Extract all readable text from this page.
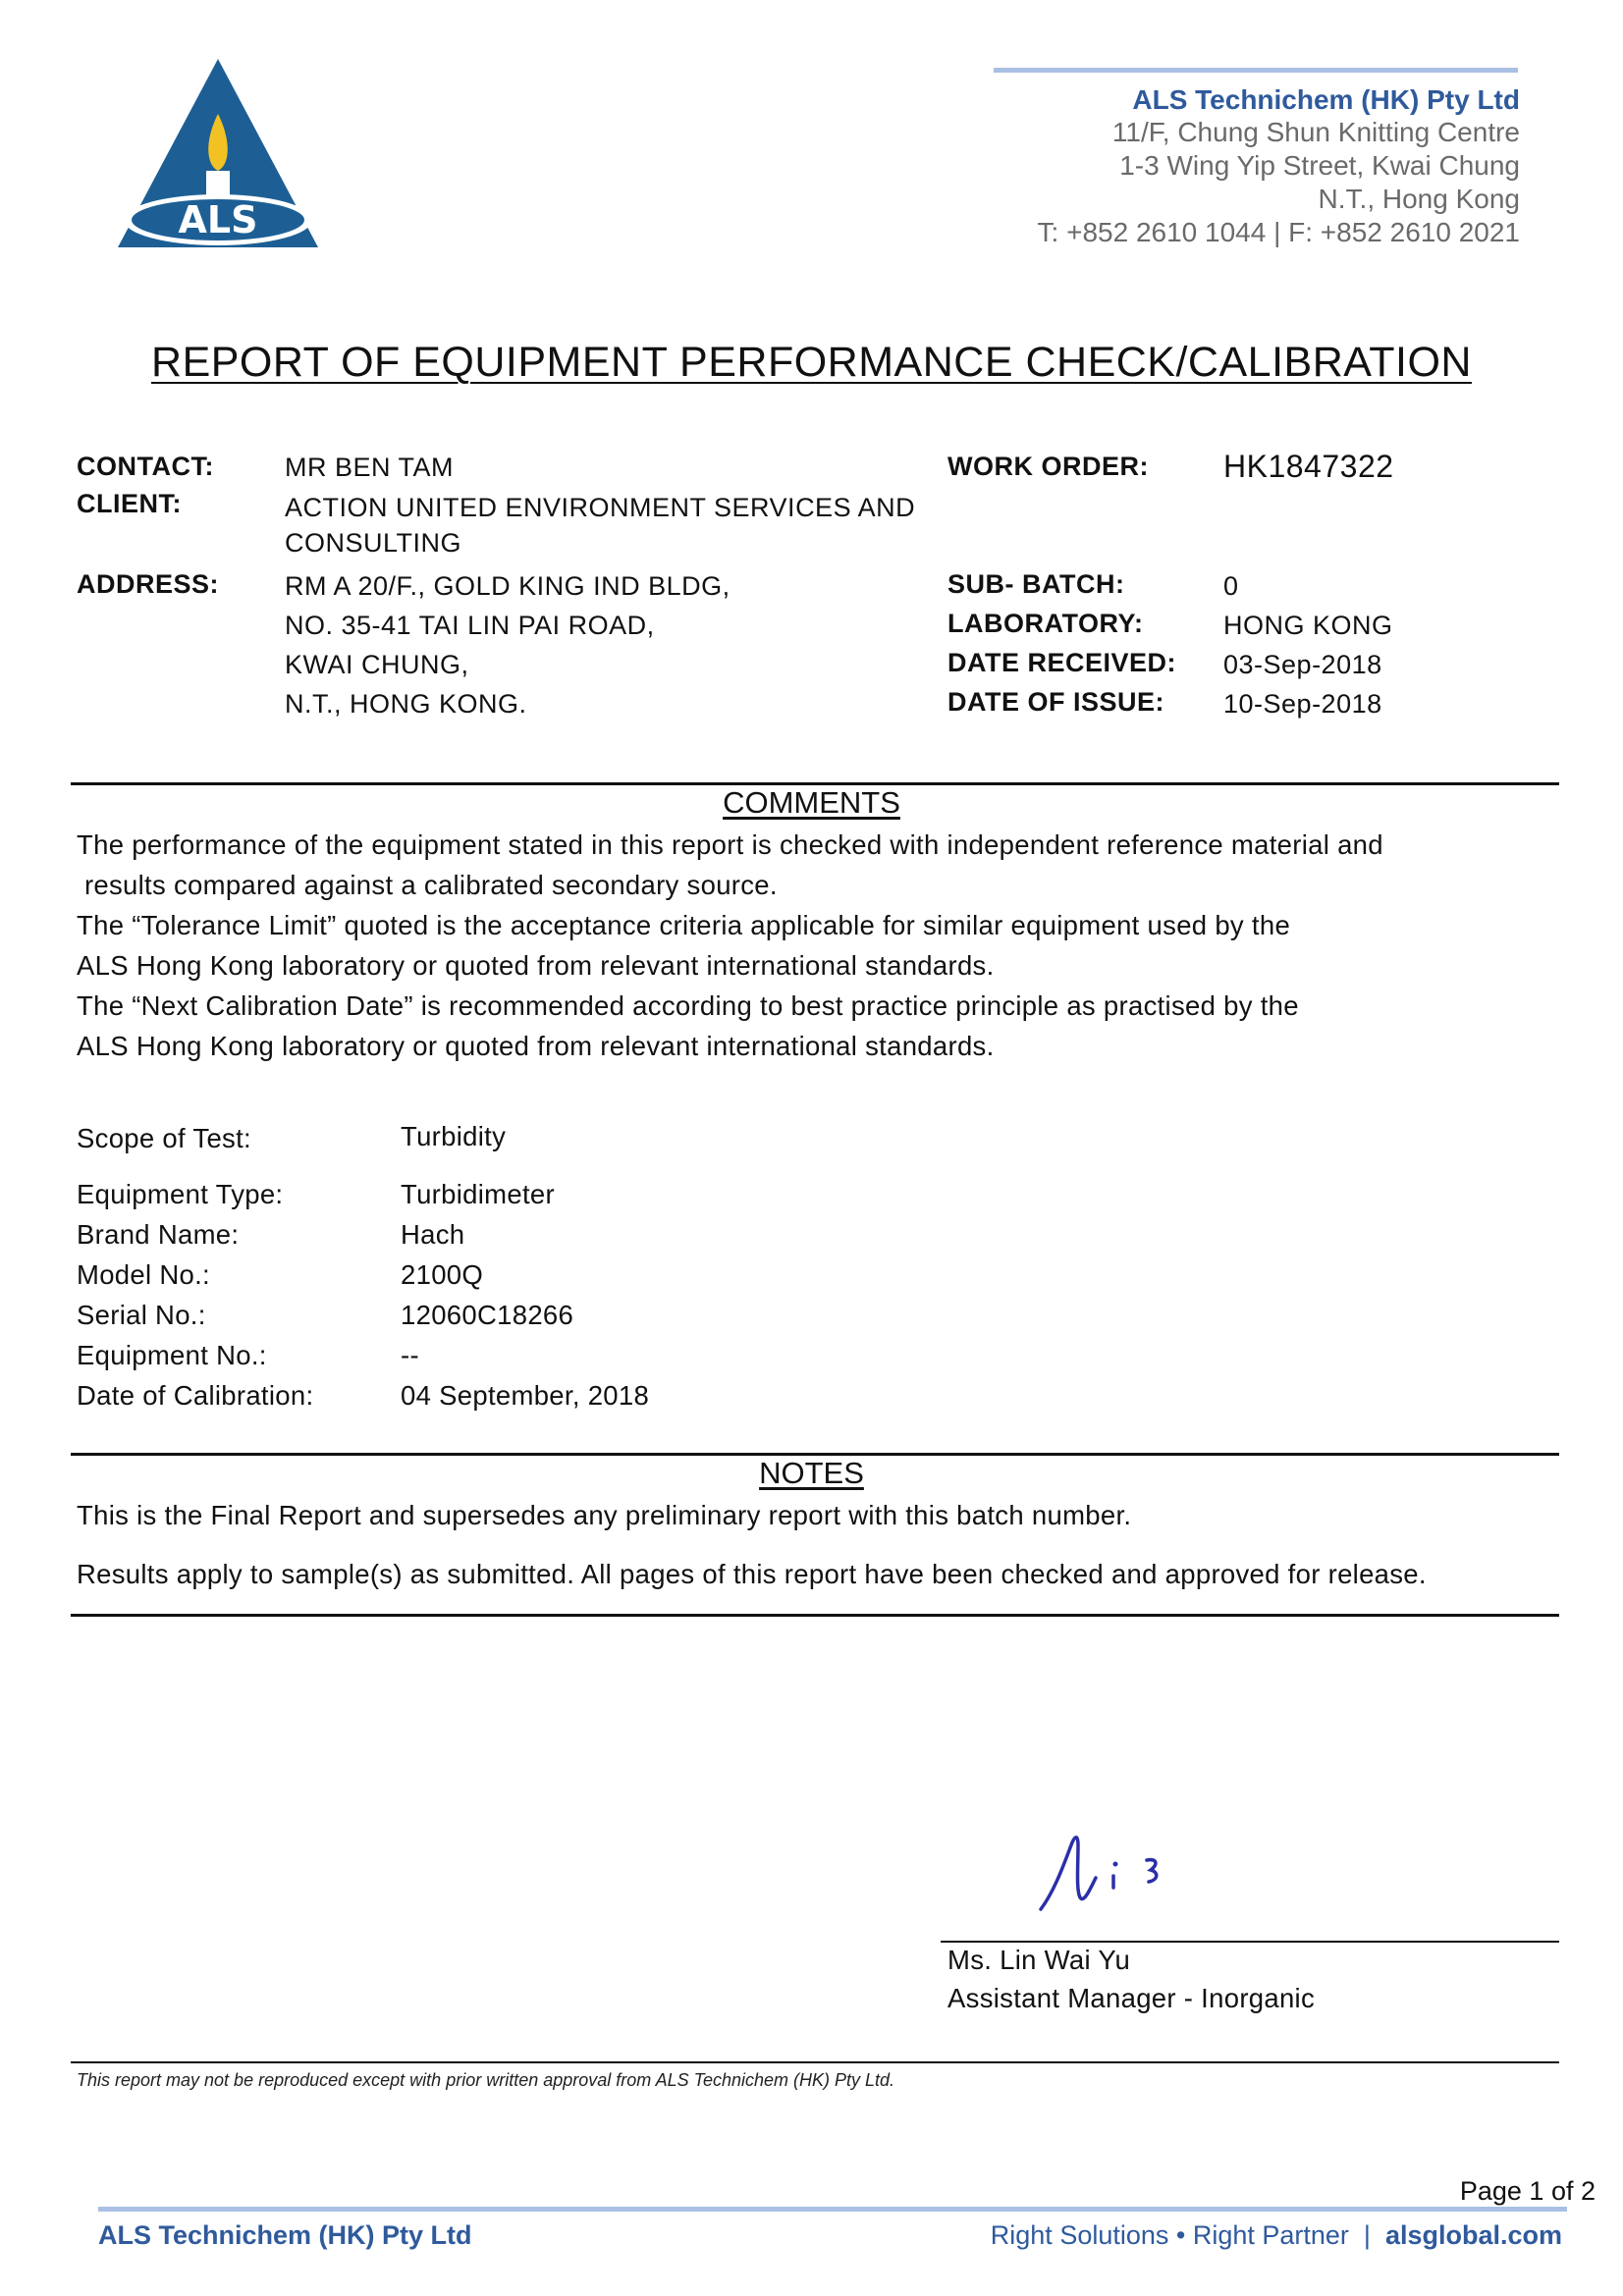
ALS
ALS Technichem (HK) Pty Ltd
11/F, Chung Shun Knitting Centre
1-3 Wing Yip Street, Kwai Chung
N.T., Hong Kong
T: +852 2610 1044 | F: +852 2610 2021
REPORT OF EQUIPMENT PERFORMANCE CHECK/CALIBRATION
CONTACT:	MR BEN TAM
CLIENT:	ACTION UNITED ENVIRONMENT SERVICES AND
CONSULTING
ADDRESS: RM A 20/F., GOLD KING IND BLDG,
NO. 35-41 TAI LIN PAI ROAD,
KWAI CHUNG,
N.T., HONG KONG.
WORK ORDER: HK1847322
SUB- BATCH:	0
LABORATORY:	HONG KONG
DATE RECEIVED: 03-Sep-2018
DATE OF ISSUE: 10-Sep-2018
COMMENTS

The performance of the equipment stated in this report is checked with independent reference material and

results compared against a calibrated secondary source.

The “Tolerance Limit” quoted is the acceptance criteria applicable for similar equipment used by the

ALS Hong Kong laboratory or quoted from relevant international standards.

The “Next Calibration Date” is recommended according to best practice principle as practised by the

ALS Hong Kong laboratory or quoted from relevant international standards.

Scope of Test:	Turbidity
Equipment Type:	Turbidimeter
Brand Name:	Hach
Model No.:	2100Q
Serial No.:	12060C18266
Equipment No.:	--
Date of Calibration:	04 September, 2018
NOTES
This is the Final Report and supersedes any preliminary report with this batch number.
Results apply to sample(s) as submitted. All pages of this report have been checked and approved for release.
Ms. Lin Wai Yu
Assistant Manager - Inorganic
This report may not be reproduced except with prior written approval from ALS Technichem (HK) Pty Ltd.
Page 1 of 2
ALS Technichem (HK) Pty Ltd	Right Solutions • Right Partner  |  alsglobal.com
